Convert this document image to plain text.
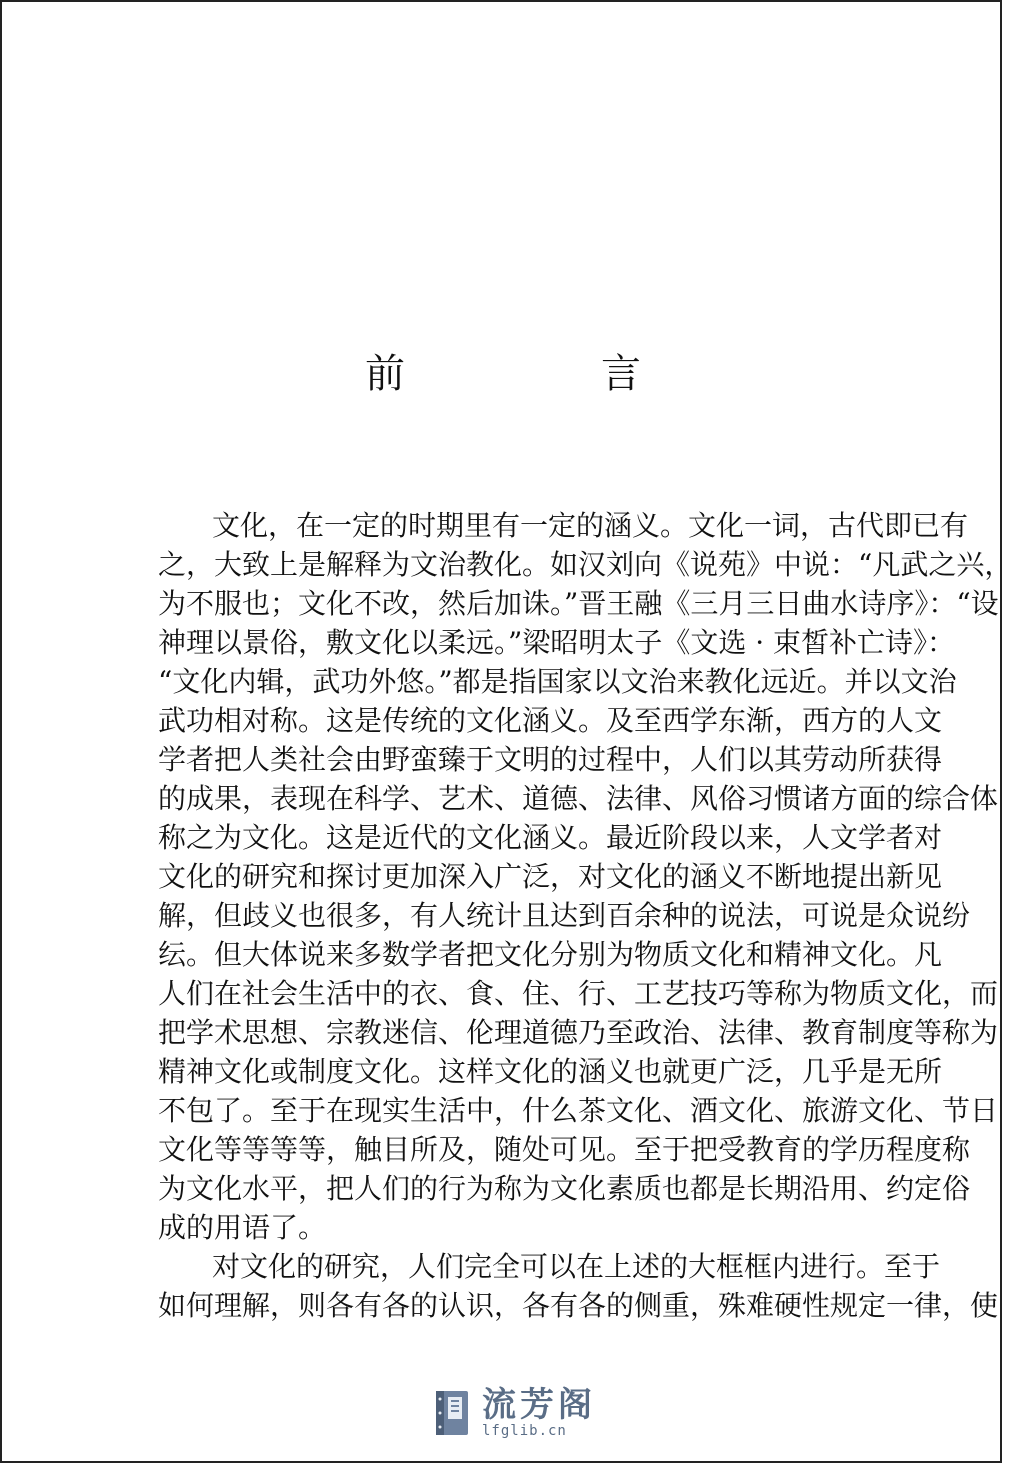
前　言
文化，在一定的时期里有一定的涵义。文化一词，古代即已有
之，大致上是解释为文治教化。如汉刘向《说苑》中说：“凡武之兴，
为不服也；文化不改，然后加诛。”晋王融《三月三日曲水诗序》：“设
神理以景俗，敷文化以柔远。”梁昭明太子《文选 · 束皙补亡诗》：
“文化内辑，武功外悠。”都是指国家以文治来教化远近。并以文治
武功相对称。这是传统的文化涵义。及至西学东渐，西方的人文
学者把人类社会由野蛮臻于文明的过程中，人们以其劳动所获得
的成果，表现在科学、艺术、道德、法律、风俗习惯诸方面的综合体
称之为文化。这是近代的文化涵义。最近阶段以来，人文学者对
文化的研究和探讨更加深入广泛，对文化的涵义不断地提出新见
解，但歧义也很多，有人统计且达到百余种的说法，可说是众说纷
纭。但大体说来多数学者把文化分别为物质文化和精神文化。凡
人们在社会生活中的衣、食、住、行、工艺技巧等称为物质文化，而
把学术思想、宗教迷信、伦理道德乃至政治、法律、教育制度等称为
精神文化或制度文化。这样文化的涵义也就更广泛，几乎是无所
不包了。至于在现实生活中，什么茶文化、酒文化、旅游文化、节日
文化等等等等，触目所及，随处可见。至于把受教育的学历程度称
为文化水平，把人们的行为称为文化素质也都是长期沿用、约定俗
成的用语了。
对文化的研究，人们完全可以在上述的大框框内进行。至于
如何理解，则各有各的认识，各有各的侧重，殊难硬性规定一律，使
流芳阁
lfglib.cn
